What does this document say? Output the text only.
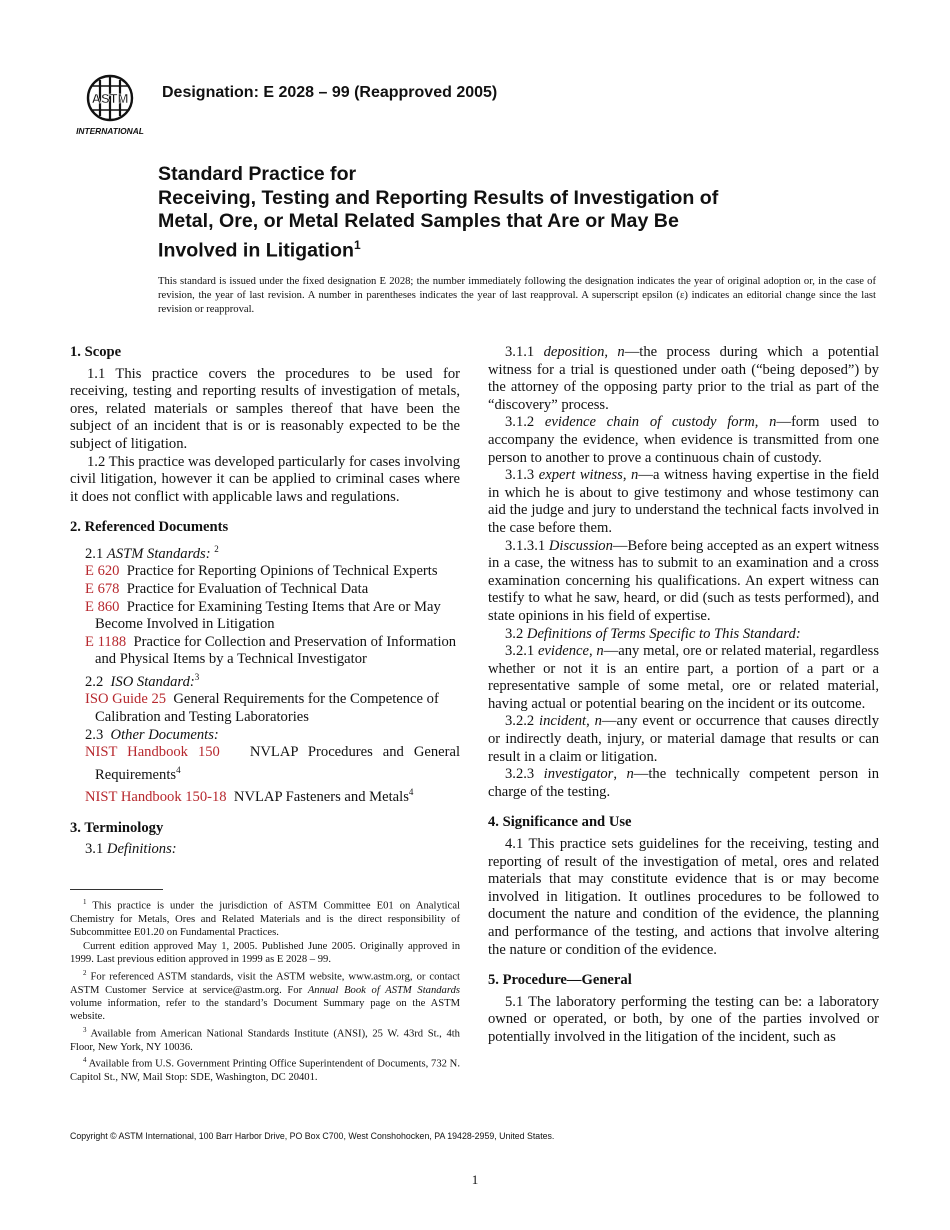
ASTM
INTERNATIONAL
Designation: E 2028 – 99 (Reapproved 2005)
Standard Practice for
Receiving, Testing and Reporting Results of Investigation of
Metal, Ore, or Metal Related Samples that Are or May Be
Involved in Litigation$^1$
This standard is issued under the fixed designation E 2028; the number immediately following the designation indicates the year of original adoption or, in the case of revision, the year of last revision. A number in parentheses indicates the year of last reapproval. A superscript epsilon (ε) indicates an editorial change since the last revision or reapproval.
1. Scope

1.1 This practice covers the procedures to be used for receiving, testing and reporting results of investigation of metals, ores, related materials or samples thereof that have been the subject of an incident that is or is reasonably expected to be the subject of litigation.

1.2 This practice was developed particularly for cases involving civil litigation, however it can be applied to criminal cases where it does not conflict with applicable laws and regulations.

2. Referenced Documents
2.1 ASTM Standards: $^2$
E 620 Practice for Reporting Opinions of Technical Experts
E 678 Practice for Evaluation of Technical Data
E 860 Practice for Examining Testing Items that Are or May Become Involved in Litigation
E 1188 Practice for Collection and Preservation of Information and Physical Items by a Technical Investigator
2.2 ISO Standard:$^3$
ISO Guide 25 General Requirements for the Competence of Calibration and Testing Laboratories
2.3 Other Documents:
NIST Handbook 150 NVLAP Procedures and General Requirements$^4$
NIST Handbook 150-18 NVLAP Fasteners and Metals$^4$
3. Terminology
3.1 Definitions:

3.1.1 deposition, n—the process during which a potential witness for a trial is questioned under oath (“being deposed”) by the attorney of the opposing party prior to the trial as part of the “discovery” process.

3.1.2 evidence chain of custody form, n—form used to accompany the evidence, when evidence is transmitted from one person to another to prove a continuous chain of custody.

3.1.3 expert witness, n—a witness having expertise in the field in which he is about to give testimony and whose testimony can aid the judge and jury to understand the technical facts involved in the case before them.

3.1.3.1 Discussion—Before being accepted as an expert witness in a case, the witness has to submit to an examination and a cross examination concerning his qualifications. An expert witness can testify to what he saw, heard, or did (such as tests performed), and state opinions in his field of expertise.

3.2 Definitions of Terms Specific to This Standard:

3.2.1 evidence, n—any metal, ore or related material, regardless whether or not it is an entire part, a portion of a part or a representative sample of some metal, ore or related material, having actual or potential bearing on the incident or its outcome.

3.2.2 incident, n—any event or occurrence that causes directly or indirectly death, injury, or material damage that results or can result in a claim or litigation.

3.2.3 investigator, n—the technically competent person in charge of the testing.

4. Significance and Use

4.1 This practice sets guidelines for the receiving, testing and reporting of result of the investigation of metal, ores and related materials that may constitute evidence that is or may become involved in litigation. It outlines procedures to be followed to document the nature and condition of the evidence, the planning and performance of the testing, and actions that involve altering the nature or condition of the evidence.

5. Procedure—General

5.1 The laboratory performing the testing can be: a laboratory owned or operated, or both, by one of the parties involved or potentially involved in the litigation of the incident, such as

$^1$ This practice is under the jurisdiction of ASTM Committee E01 on Analytical Chemistry for Metals, Ores and Related Materials and is the direct responsibility of Subcommittee E01.20 on Fundamental Practices.

Current edition approved May 1, 2005. Published June 2005. Originally approved in 1999. Last previous edition approved in 1999 as E 2028 – 99.

$^2$ For referenced ASTM standards, visit the ASTM website, www.astm.org, or contact ASTM Customer Service at service@astm.org. For Annual Book of ASTM Standards volume information, refer to the standard’s Document Summary page on the ASTM website.

$^3$ Available from American National Standards Institute (ANSI), 25 W. 43rd St., 4th Floor, New York, NY 10036.

$^4$ Available from U.S. Government Printing Office Superintendent of Documents, 732 N. Capitol St., NW, Mail Stop: SDE, Washington, DC 20401.

Copyright © ASTM International, 100 Barr Harbor Drive, PO Box C700, West Conshohocken, PA 19428-2959, United States.
1
